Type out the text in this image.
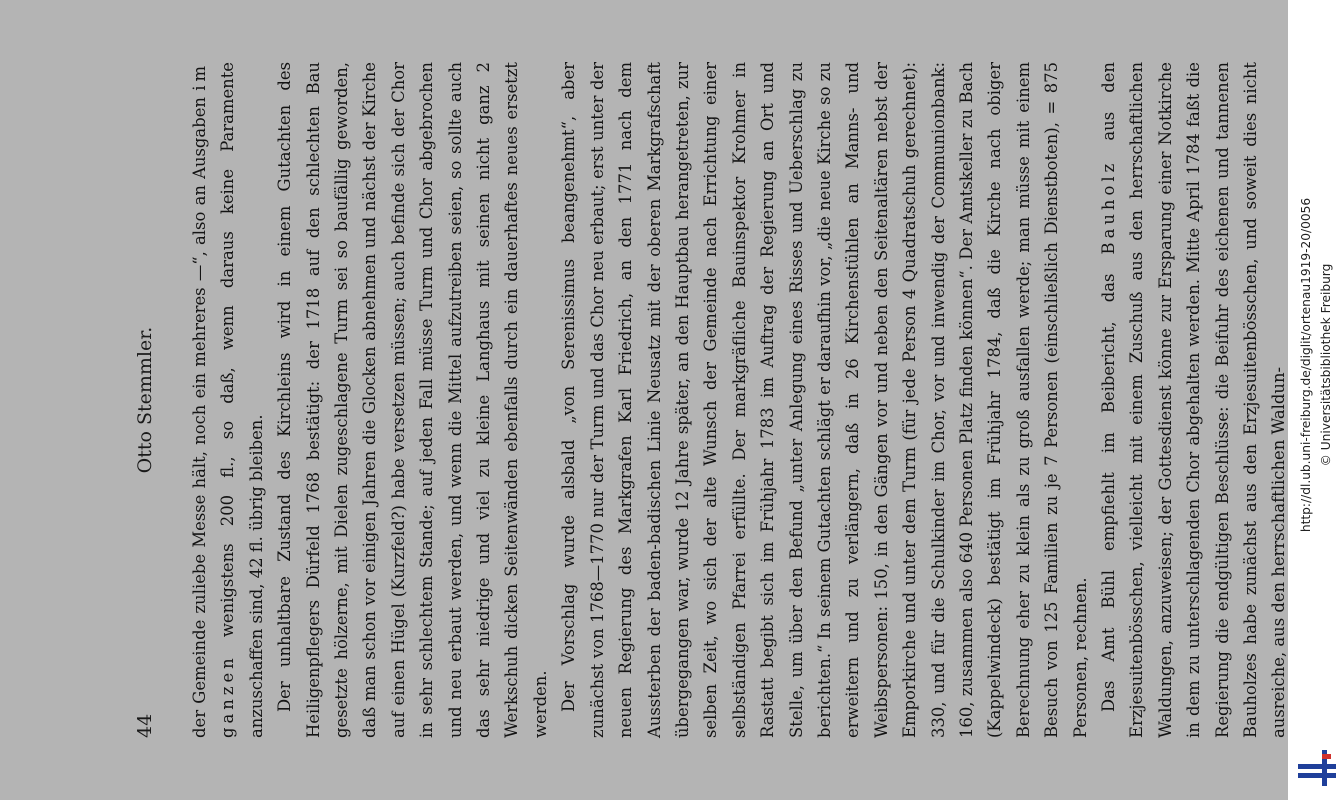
44
Otto Stemmler. der Gemeinde zuliebe Messe hält, noch ein mehreres —“, also an Ausgaben im ganzen wenigstens 200 fl., so daß, wenn daraus keine Paramente anzuschaffen sind, 42 fl. übrig bleiben. Der unhaltbare Zustand des Kirchleins wird in einem Gutachten des Heiligenpflegers Dürfeld 1768 bestätigt: der 1718 auf den schlechten Bau gesetzte hölzerne, mit Dielen zugeschlagene Turm sei so baufällig geworden, daß man schon vor einigen Jahren die Glocken abnehmen und nächst der Kirche auf einen Hügel (Kurzfeld?) habe versetzen müssen; auch befinde sich der Chor in sehr schlechtem Stande; auf jeden Fall müsse Turm und Chor abgebrochen und neu erbaut werden, und wenn die Mittel aufzutreiben seien, so sollte auch das sehr niedrige und viel zu kleine Langhaus mit seinen nicht ganz 2 Werkschuh dicken Seitenwänden ebenfalls durch ein dauerhaftes neues ersetzt werden. Der Vorschlag wurde alsbald „von Serenissimus beangenehmt“, aber zunächst von 1768—1770 nur der Turm und das Chor neu erbaut; erst unter der neuen Regierung des Markgrafen Karl Friedrich, an den 1771 nach dem Aussterben der baden-badischen Linie Neusatz mit der oberen Markgrafschaft übergegangen war, wurde 12 Jahre später, an den Hauptbau herangetreten, zur selben Zeit, wo sich der alte Wunsch der Gemeinde nach Errichtung einer selbständigen Pfarrei erfüllte. Der markgräfliche Bauinspektor Krohmer in Rastatt begibt sich im Frühjahr 1783 im Auftrag der Regierung an Ort und Stelle, um über den Befund „unter Anlegung eines Risses und Ueberschlag zu berichten.“ In seinem Gutachten schlägt er daraufhin vor, „die neue Kirche so zu erweitern und zu verlängern, daß in 26 Kirchenstühlen an Manns- und Weibspersonen: 150, in den Gängen vor und neben den Seitenaltären nebst der Emporkirche und unter dem Turm (für jede Person 4 Quadratschuh gerechnet): 330, und für die Schulkinder im Chor, vor und inwendig der Communionbank: 160, zusammen also 640 Personen Platz finden können“. Der Amtskeller zu Bach (Kappelwindeck) bestätigt im Frühjahr 1784, daß die Kirche nach obiger Berechnung eher zu klein als zu groß ausfallen werde; man müsse mit einem Besuch von 125 Familien zu je 7 Personen (einschließlich Dienstboten), = 875 Personen, rechnen. Das Amt Bühl empfiehlt im Beibericht, das Bauholz aus den Erzjesuitenbösschen, vielleicht mit einem Zuschuß aus den herrschaftlichen Waldungen, anzuweisen; der Gottesdienst könne zur Ersparung einer Notkirche in dem zu unterschlagenden Chor abgehalten werden. Mitte April 1784 faßt die Regierung die endgültigen Beschlüsse: die Beifuhr des eichenen und tannenen Bauholzes habe zunächst aus den Erzjesuitenbösschen, und soweit dies nicht ausreiche, aus den herrschaftlichen Waldun-

http://dl.ub.uni-freiburg.de/diglit/ortenau1919-20/0056 © Universitätsbibliothek Freiburg
